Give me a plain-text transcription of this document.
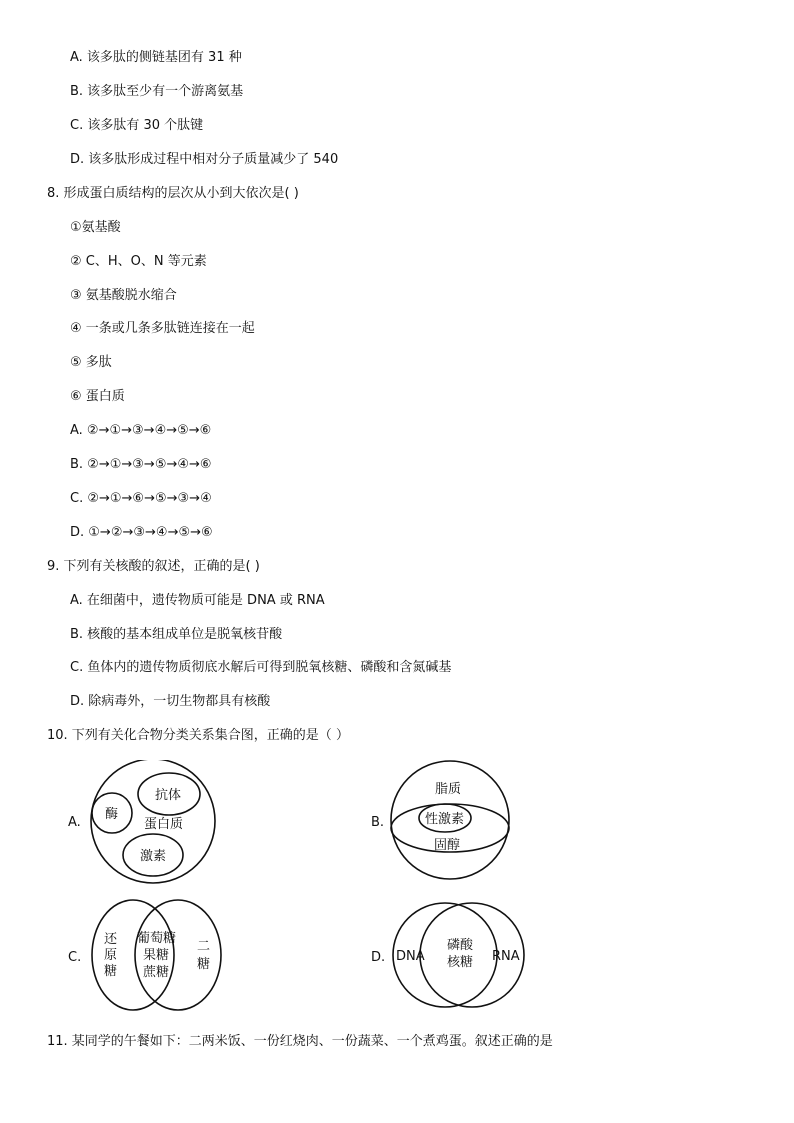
A. 该多肽的侧链基团有 31 种
B. 该多肽至少有一个游离氨基
C. 该多肽有 30 个肽键
D. 该多肽形成过程中相对分子质量减少了 540
8. 形成蛋白质结构的层次从小到大依次是( )
①氨基酸
② C、H、O、N 等元素
③ 氨基酸脱水缩合
④ 一条或几条多肽链连接在一起
⑤ 多肽
⑥ 蛋白质
A. ②→①→③→④→⑤→⑥
B. ②→①→③→⑤→④→⑥
C. ②→①→⑥→⑤→③→④
D. ①→②→③→④→⑤→⑥
9. 下列有关核酸的叙述，正确的是( )
A. 在细菌中，遗传物质可能是 DNA 或 RNA
B. 核酸的基本组成单位是脱氧核苷酸
C. 鱼体内的遗传物质彻底水解后可得到脱氧核糖、磷酸和含氮碱基
D. 除病毒外，一切生物都具有核酸
10. 下列有关化合物分类关系集合图，正确的是（ ）
A.
酶
抗体
蛋白质
激素
B.
脂质
性激素
固醇
C.
还
原
糖
葡萄糖
果糖
蔗糖
二
糖	D. DNA
磷酸
核糖 RNA
11. 某同学的午餐如下：二两米饭、一份红烧肉、一份蔬菜、一个煮鸡蛋。叙述正确的是
